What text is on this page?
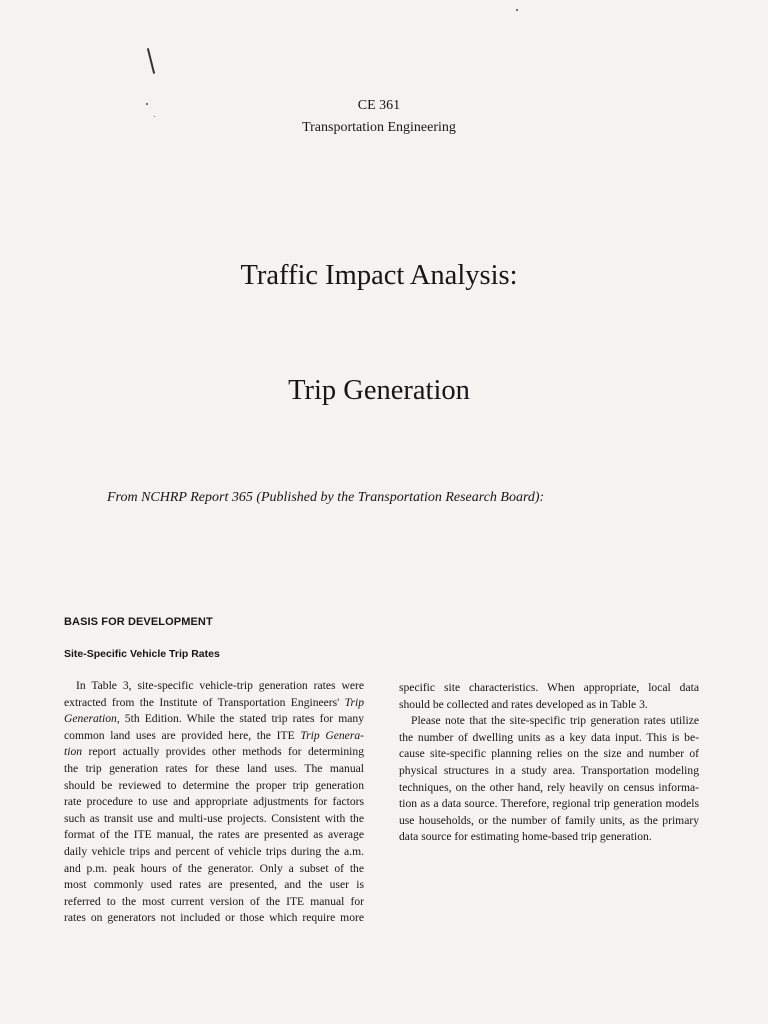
CE 361
Transportation Engineering
Traffic Impact Analysis:
Trip Generation
From NCHRP Report 365 (Published by the Transportation Research Board):
BASIS FOR DEVELOPMENT
Site-Specific Vehicle Trip Rates
In Table 3, site-specific vehicle-trip generation rates were
extracted from the Institute of Transportation Engineers' Trip
Generation, 5th Edition. While the stated trip rates for many
common land uses are provided here, the ITE Trip Genera-
tion report actually provides other methods for determining
the trip generation rates for these land uses. The manual
should be reviewed to determine the proper trip generation
rate procedure to use and appropriate adjustments for factors
such as transit use and multi-use projects. Consistent with the
format of the ITE manual, the rates are presented as average
daily vehicle trips and percent of vehicle trips during the a.m.
and p.m. peak hours of the generator. Only a subset of the
most commonly used rates are presented, and the user is
referred to the most current version of the ITE manual for
rates on generators not included or those which require more
specific site characteristics. When appropriate, local data
should be collected and rates developed as in Table 3.
Please note that the site-specific trip generation rates utilize
the number of dwelling units as a key data input. This is be-
cause site-specific planning relies on the size and number of
physical structures in a study area. Transportation modeling
techniques, on the other hand, rely heavily on census informa-
tion as a data source. Therefore, regional trip generation models
use households, or the number of family units, as the primary
data source for estimating home-based trip generation.
